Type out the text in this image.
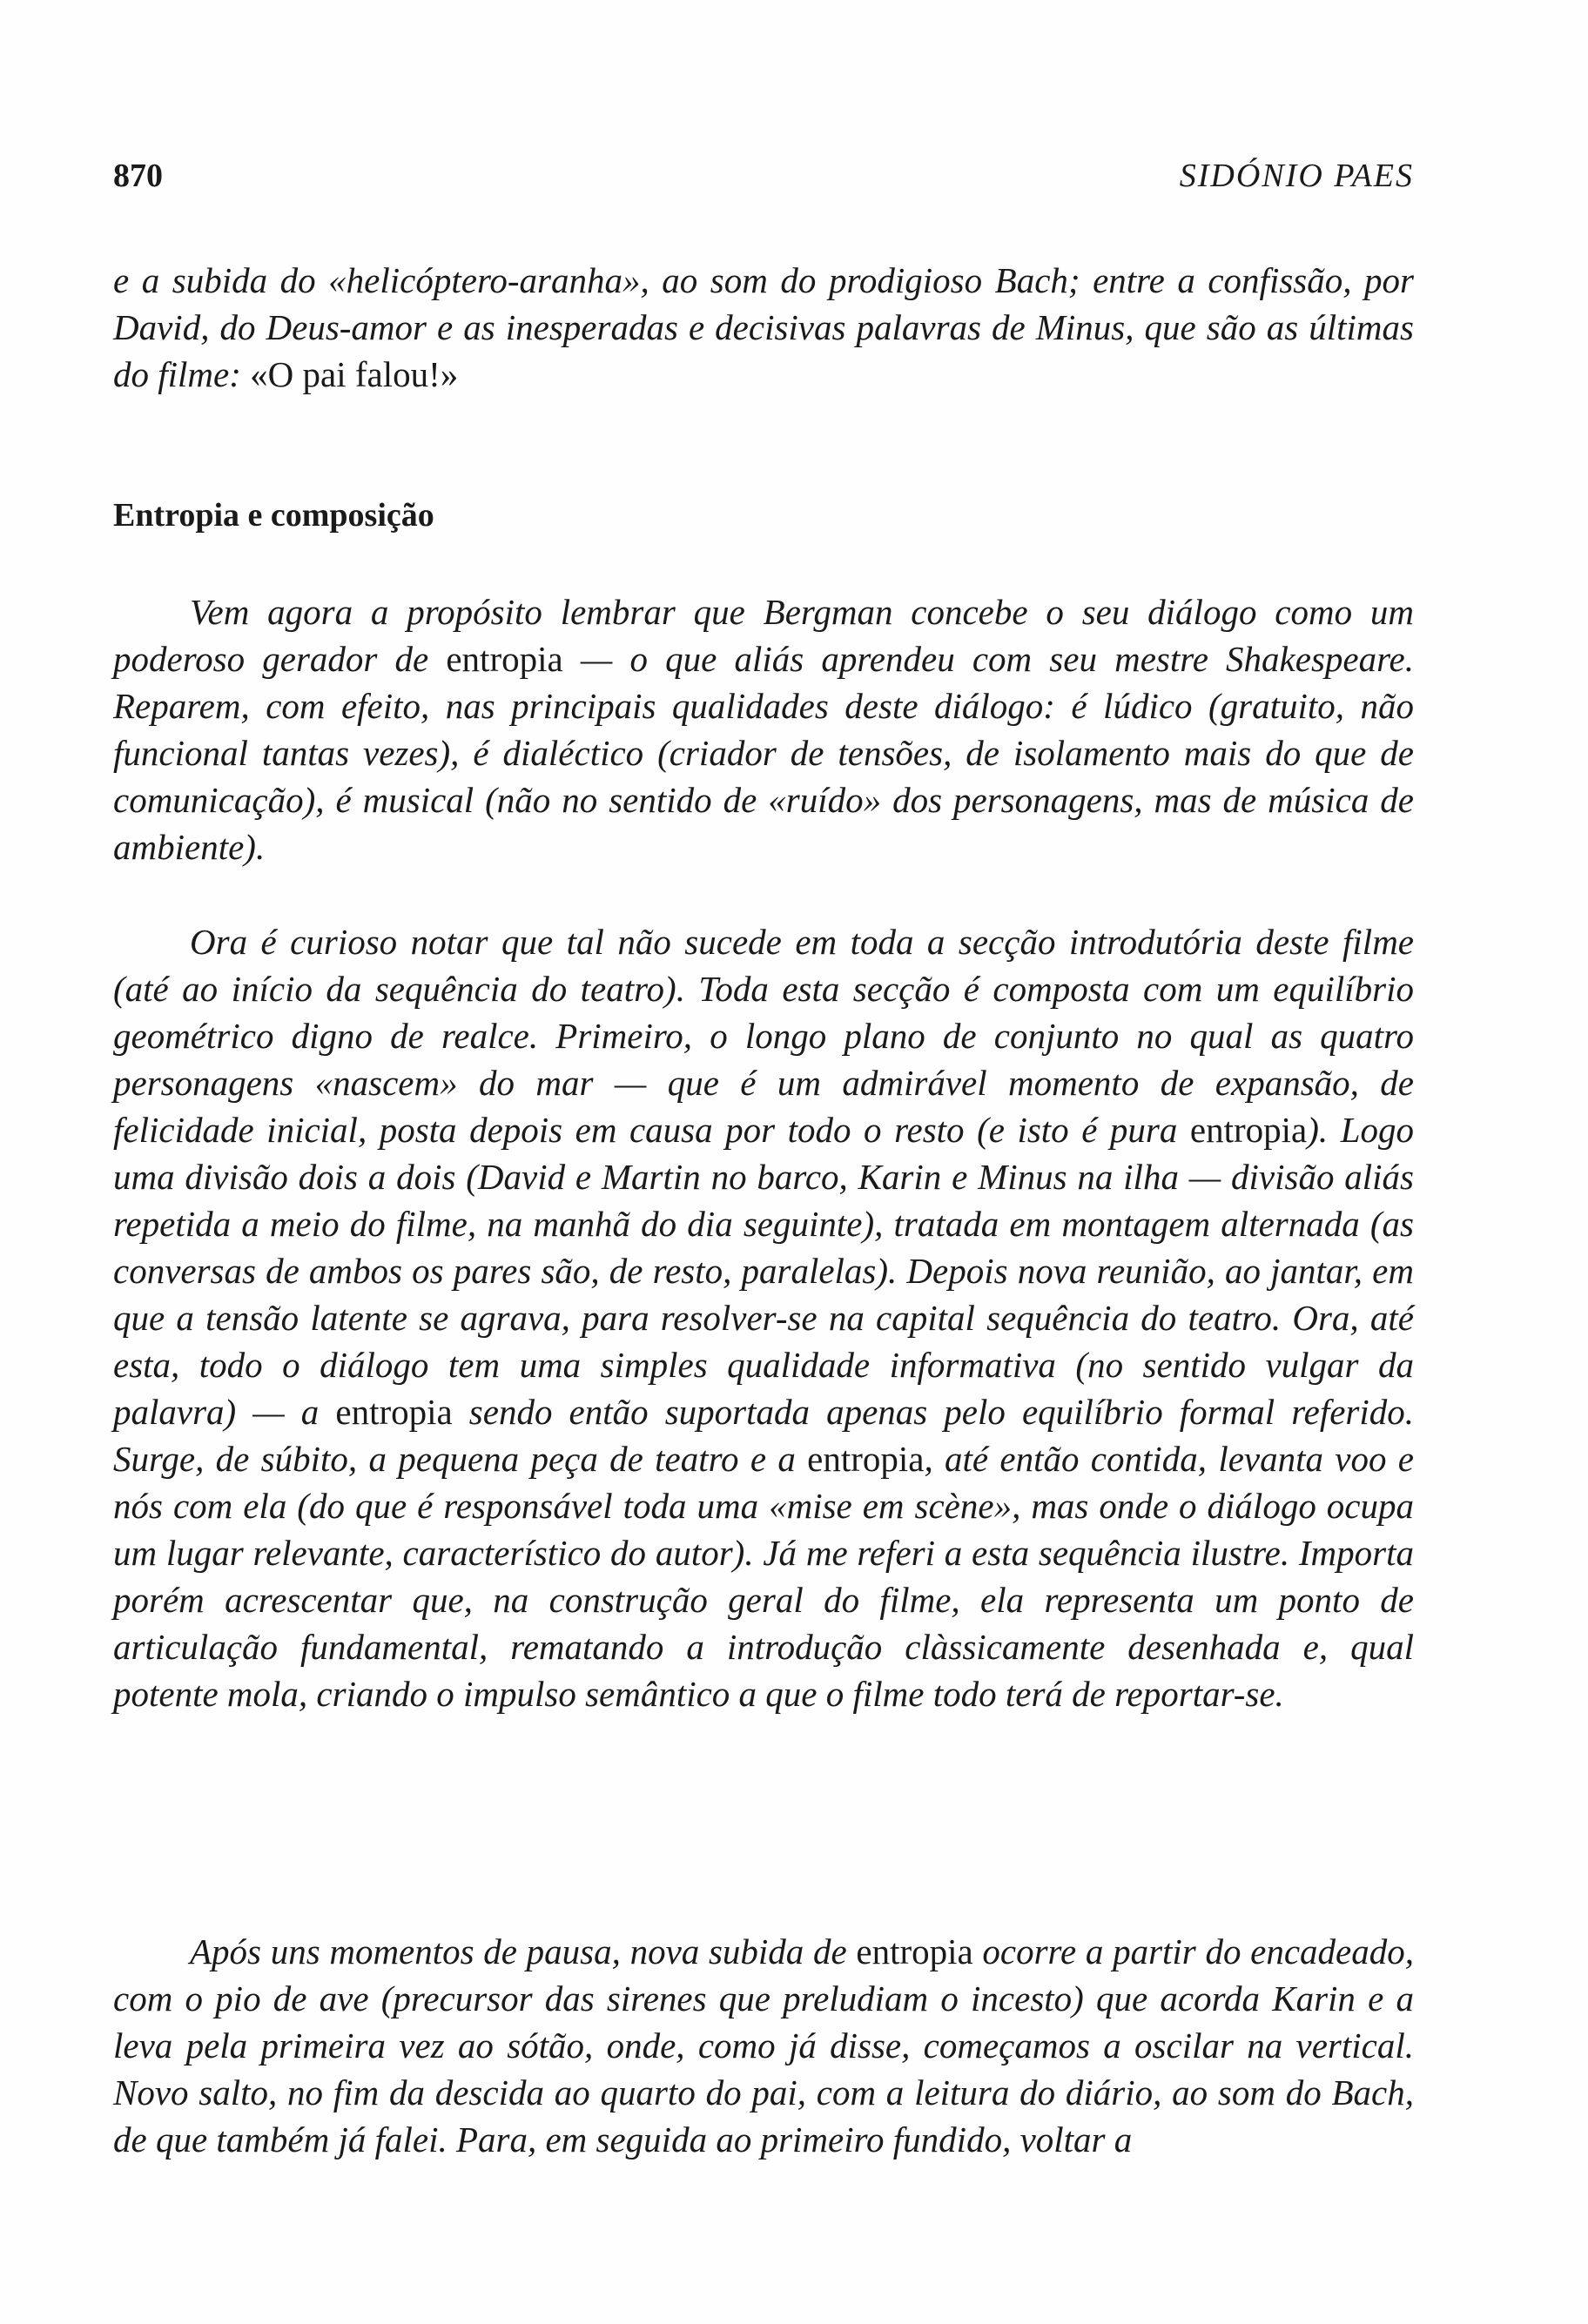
870	SIDÓNIO PAES

e a subida do «helicóptero-aranha», ao som do prodigioso Bach; entre a confissão, por David, do Deus-amor e as inesperadas e decisivas palavras de Minus, que são as últimas do filme: «O pai falou!»

Entropia e composição

Vem agora a propósito lembrar que Bergman concebe o seu diálogo como um poderoso gerador de entropia — o que aliás aprendeu com seu mestre Shakespeare. Reparem, com efeito, nas principais qualidades deste diálogo: é lúdico (gratuito, não funcional tantas vezes), é dialéctico (criador de tensões, de isolamento mais do que de comunicação), é musical (não no sentido de «ruído» dos personagens, mas de música de ambiente).

Ora é curioso notar que tal não sucede em toda a secção introdutória deste filme (até ao início da sequência do teatro). Toda esta secção é composta com um equilíbrio geométrico digno de realce. Primeiro, o longo plano de conjunto no qual as quatro personagens «nascem» do mar — que é um admirável momento de expansão, de felicidade inicial, posta depois em causa por todo o resto (e isto é pura entropia). Logo uma divisão dois a dois (David e Martin no barco, Karin e Minus na ilha — divisão aliás repetida a meio do filme, na manhã do dia seguinte), tratada em montagem alternada (as conversas de ambos os pares são, de resto, paralelas). Depois nova reunião, ao jantar, em que a tensão latente se agrava, para resolver-se na capital sequência do teatro. Ora, até esta, todo o diálogo tem uma simples qualidade informativa (no sentido vulgar da palavra) — a entropia sendo então suportada apenas pelo equilíbrio formal referido. Surge, de súbito, a pequena peça de teatro e a entropia, até então contida, levanta voo e nós com ela (do que é responsável toda uma «mise em scène», mas onde o diálogo ocupa um lugar relevante, característico do autor). Já me referi a esta sequência ilustre. Importa porém acrescentar que, na construção geral do filme, ela representa um ponto de articulação fundamental, rematando a introdução clàssicamente desenhada e, qual potente mola, criando o impulso semântico a que o filme todo terá de reportar-se.

Após uns momentos de pausa, nova subida de entropia ocorre a partir do encadeado, com o pio de ave (precursor das sirenes que preludiam o incesto) que acorda Karin e a leva pela primeira vez ao sótão, onde, como já disse, começamos a oscilar na vertical. Novo salto, no fim da descida ao quarto do pai, com a leitura do diário, ao som do Bach, de que também já falei. Para, em seguida ao primeiro fundido, voltar a
